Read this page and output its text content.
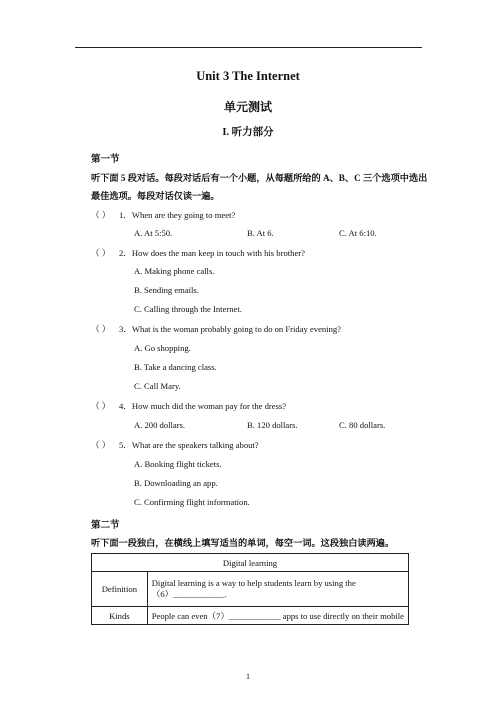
Unit 3 The Internet
单元测试
I. 听力部分
第一节
听下面 5 段对话。每段对话后有一个小题，从每题所给的 A、B、C 三个选项中选出
最佳选项。每段对话仅读一遍。
（ ） 1．When are they going to meet?
A. At 5:50.	B. At 6.	C. At 6:10.
（ ） 2．How does the man keep in touch with his brother?
A. Making phone calls.
B. Sending emails.
C. Calling through the Internet.
（ ） 3．What is the woman probably going to do on Friday evening?
A. Go shopping.
B. Take a dancing class.
C. Call Mary.
（ ） 4．How much did the woman pay for the dress?
A. 200 dollars.	B. 120 dollars.	C. 80 dollars.
（ ） 5．What are the speakers talking about?
A. Booking flight tickets.
B. Downloading an app.
C. Confirming flight information.
第二节
听下面一段独白，在横线上填写适当的单词，每空一词。这段独白读两遍。
Digital learning	
Definition	Digital learning is a way to help students learn by using the
（6）____________.

Kinds	People can even（7）____________ apps to use directly on their mobile
1
